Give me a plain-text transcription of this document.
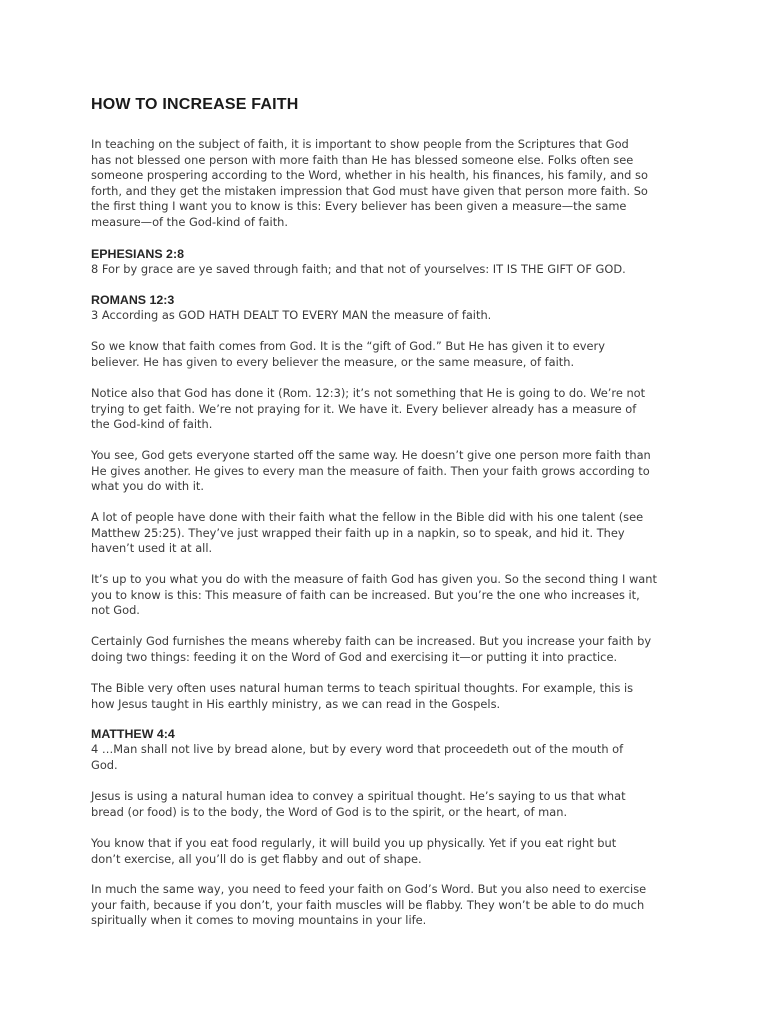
HOW TO INCREASE FAITH

In teaching on the subject of faith, it is important to show people from the Scriptures that God
has not blessed one person with more faith than He has blessed someone else. Folks often see
someone prospering according to the Word, whether in his health, his finances, his family, and so
forth, and they get the mistaken impression that God must have given that person more faith. So
the first thing I want you to know is this: Every believer has been given a measure—the same
measure—of the God-kind of faith.

EPHESIANS 2:8

8 For by grace are ye saved through faith; and that not of yourselves: IT IS THE GIFT OF GOD.

ROMANS 12:3

3 According as GOD HATH DEALT TO EVERY MAN the measure of faith.

So we know that faith comes from God. It is the “gift of God.” But He has given it to every
believer. He has given to every believer the measure, or the same measure, of faith.

Notice also that God has done it (Rom. 12:3); it’s not something that He is going to do. We’re not
trying to get faith. We’re not praying for it. We have it. Every believer already has a measure of
the God-kind of faith.

You see, God gets everyone started off the same way. He doesn’t give one person more faith than
He gives another. He gives to every man the measure of faith. Then your faith grows according to
what you do with it.

A lot of people have done with their faith what the fellow in the Bible did with his one talent (see
Matthew 25:25). They’ve just wrapped their faith up in a napkin, so to speak, and hid it. They
haven’t used it at all.

It’s up to you what you do with the measure of faith God has given you. So the second thing I want
you to know is this: This measure of faith can be increased. But you’re the one who increases it,
not God.

Certainly God furnishes the means whereby faith can be increased. But you increase your faith by
doing two things: feeding it on the Word of God and exercising it—or putting it into practice.

The Bible very often uses natural human terms to teach spiritual thoughts. For example, this is
how Jesus taught in His earthly ministry, as we can read in the Gospels.

MATTHEW 4:4

4 …Man shall not live by bread alone, but by every word that proceedeth out of the mouth of
God.

Jesus is using a natural human idea to convey a spiritual thought. He’s saying to us that what
bread (or food) is to the body, the Word of God is to the spirit, or the heart, of man.

You know that if you eat food regularly, it will build you up physically. Yet if you eat right but
don’t exercise, all you’ll do is get flabby and out of shape.

In much the same way, you need to feed your faith on God’s Word. But you also need to exercise
your faith, because if you don’t, your faith muscles will be flabby. They won’t be able to do much
spiritually when it comes to moving mountains in your life.
